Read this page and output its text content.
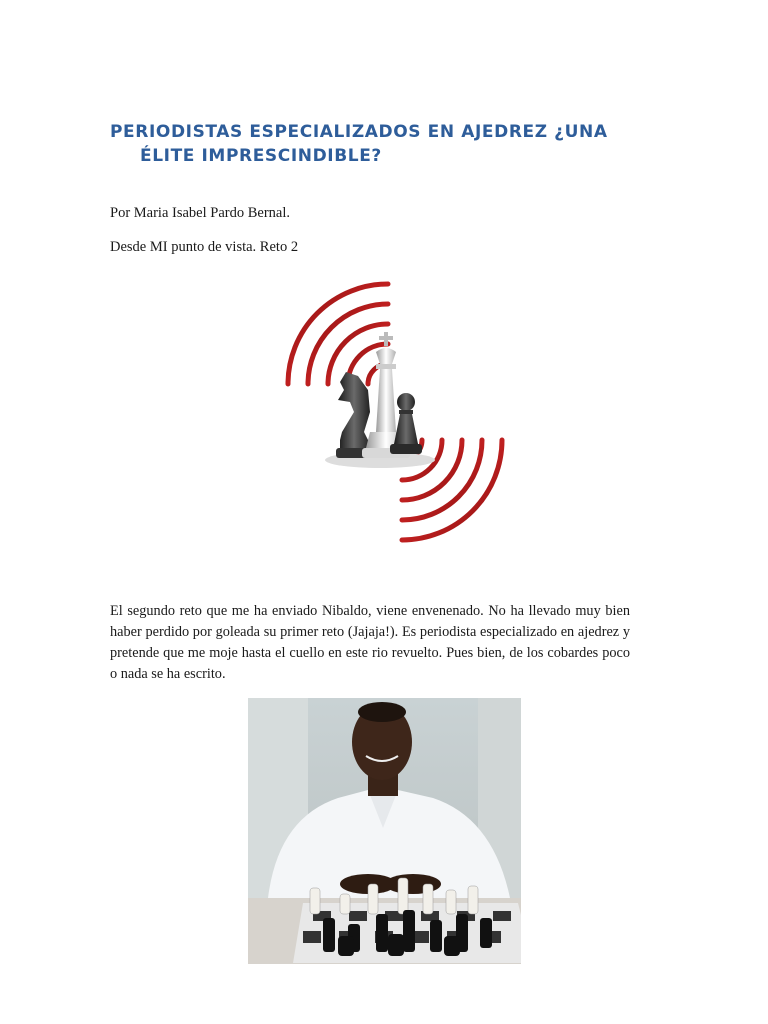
PERIODISTAS ESPECIALIZADOS EN AJEDREZ ¿UNA
ÉLITE IMPRESCINDIBLE?

Por Maria Isabel Pardo Bernal.

Desde MI punto de vista. Reto 2

El segundo reto que me ha enviado Nibaldo, viene envenenado. No ha llevado muy bien haber perdido por goleada su primer reto (Jajaja!). Es periodista especializado en ajedrez y pretende que me moje hasta el cuello en este rio revuelto. Pues bien, de los cobardes poco o nada se ha escrito.
